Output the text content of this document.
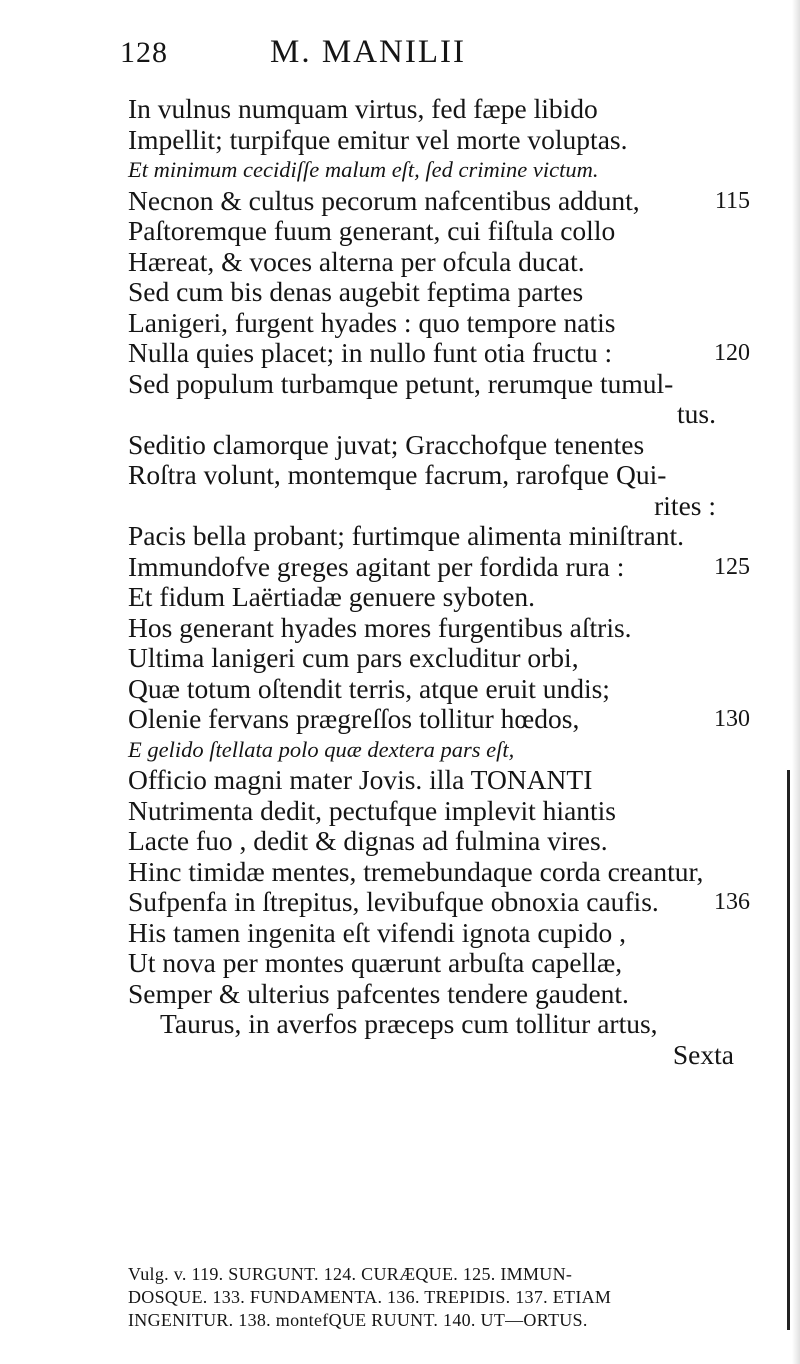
128	M. MANILII
In vulnus numquam virtus, fed fæpe libido
Impellit; turpifque emitur vel morte voluptas.
Et minimum cecidiſſe malum eſt, ſed crimine victum.
Necnon & cultus pecorum nafcentibus addunt,	115
Paſtoremque fuum generant, cui fiſtula collo
Hæreat, & voces alterna per ofcula ducat.
Sed cum bis denas augebit feptima partes
Lanigeri, furgent hyades : quo tempore natis
Nulla quies placet; in nullo funt otia fructu :	120
Sed populum turbamque petunt, rerumque tumul-
tus.
Seditio clamorque juvat; Gracchofque tenentes
Roſtra volunt, montemque facrum, rarofque Qui-
rites :
Pacis bella probant; furtimque alimenta miniſtrant.
Immundofve greges agitant per fordida rura :	125
Et fidum Laërtiadæ genuere syboten.
Hos generant hyades mores furgentibus aſtris.
Ultima lanigeri cum pars excluditur orbi,
Quæ totum oſtendit terris, atque eruit undis;
Olenie fervans prægreſſos tollitur hœdos,	130
E gelido ſtellata polo quæ dextera pars eſt,
Officio magni mater Jovis. illa TONANTI
Nutrimenta dedit, pectufque implevit hiantis
Lacte fuo , dedit & dignas ad fulmina vires.
Hinc timidæ mentes, tremebundaque corda creantur,
Sufpenfa in ſtrepitus, levibufque obnoxia caufis. 136
His tamen ingenita eſt vifendi ignota cupido ,
Ut nova per montes quærunt arbuſta capellæ,
Semper & ulterius pafcentes tendere gaudent.
Taurus, in averfos præceps cum tollitur artus,
Sexta
Vulg. v. 119. SURGUNT. 124. CURÆQUE. 125. IMMUN-
DOSQUE. 133. FUNDAMENTA. 136. TREPIDIS. 137. ETIAM
INGENITUR. 138. montefQUE RUUNT. 140. UT—ORTUS.
